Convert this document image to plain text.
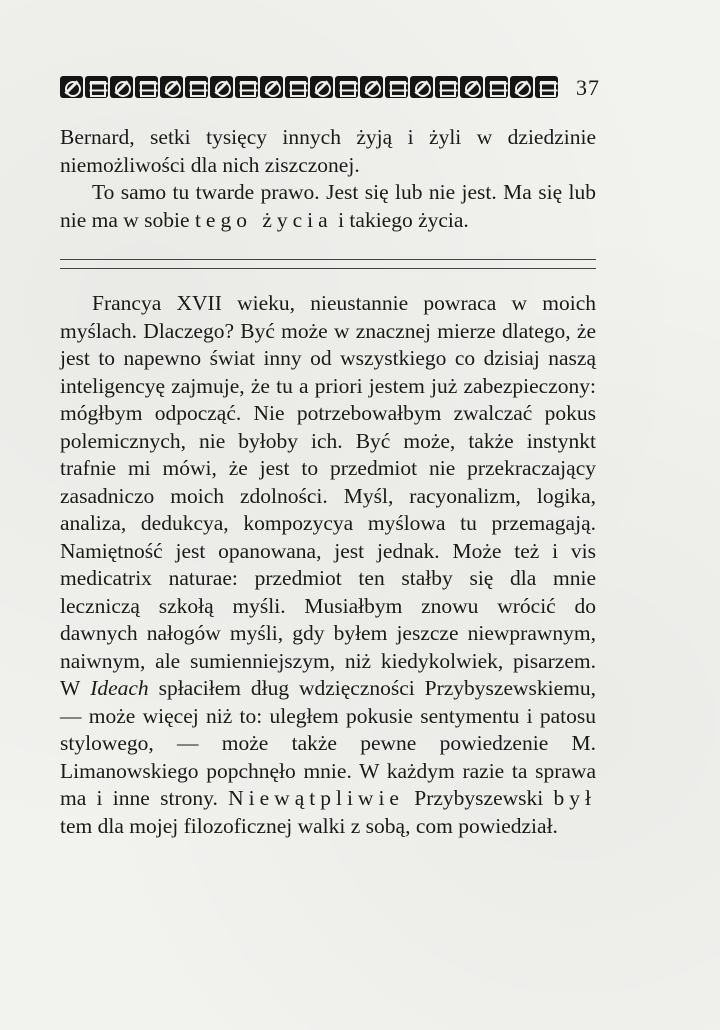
37

Bernard, setki tysięcy innych żyją i żyli w dziedzinie niemożliwości dla nich ziszczonej.

To samo tu twarde prawo. Jest się lub nie jest. Ma się lub nie ma w sobie tego życia i takiego życia.

Francya XVII wieku, nieustannie powraca w moich myślach. Dlaczego? Być może w znacznej mierze dlatego, że jest to napewno świat inny od wszystkiego co dzisiaj naszą inteligencyę zajmuje, że tu a priori jestem już zabezpieczony: mógłbym odpocząć. Nie potrzebowałbym zwalczać pokus polemicznych, nie byłoby ich. Być może, także instynkt trafnie mi mówi, że jest to przedmiot nie przekraczający zasadniczo moich zdolności. Myśl, racyonalizm, logika, analiza, dedukcya, kompozycya myślowa tu przemagają. Namiętność jest opanowana, jest jednak. Może też i vis medicatrix naturae: przedmiot ten stałby się dla mnie leczniczą szkołą myśli. Musiałbym znowu wrócić do dawnych nałogów myśli, gdy byłem jeszcze niewprawnym, naiwnym, ale sumienniejszym, niż kiedykolwiek, pisarzem. W Ideach spłaciłem dług wdzięczności Przybyszewskiemu, — może więcej niż to: uległem pokusie sentymentu i patosu stylowego, — może także pewne powiedzenie M. Limanowskiego popchnęło mnie. W każdym razie ta sprawa ma i inne strony. Niewątpliwie Przybyszewski był tem dla mojej filozoficznej walki z sobą, com powiedział.
